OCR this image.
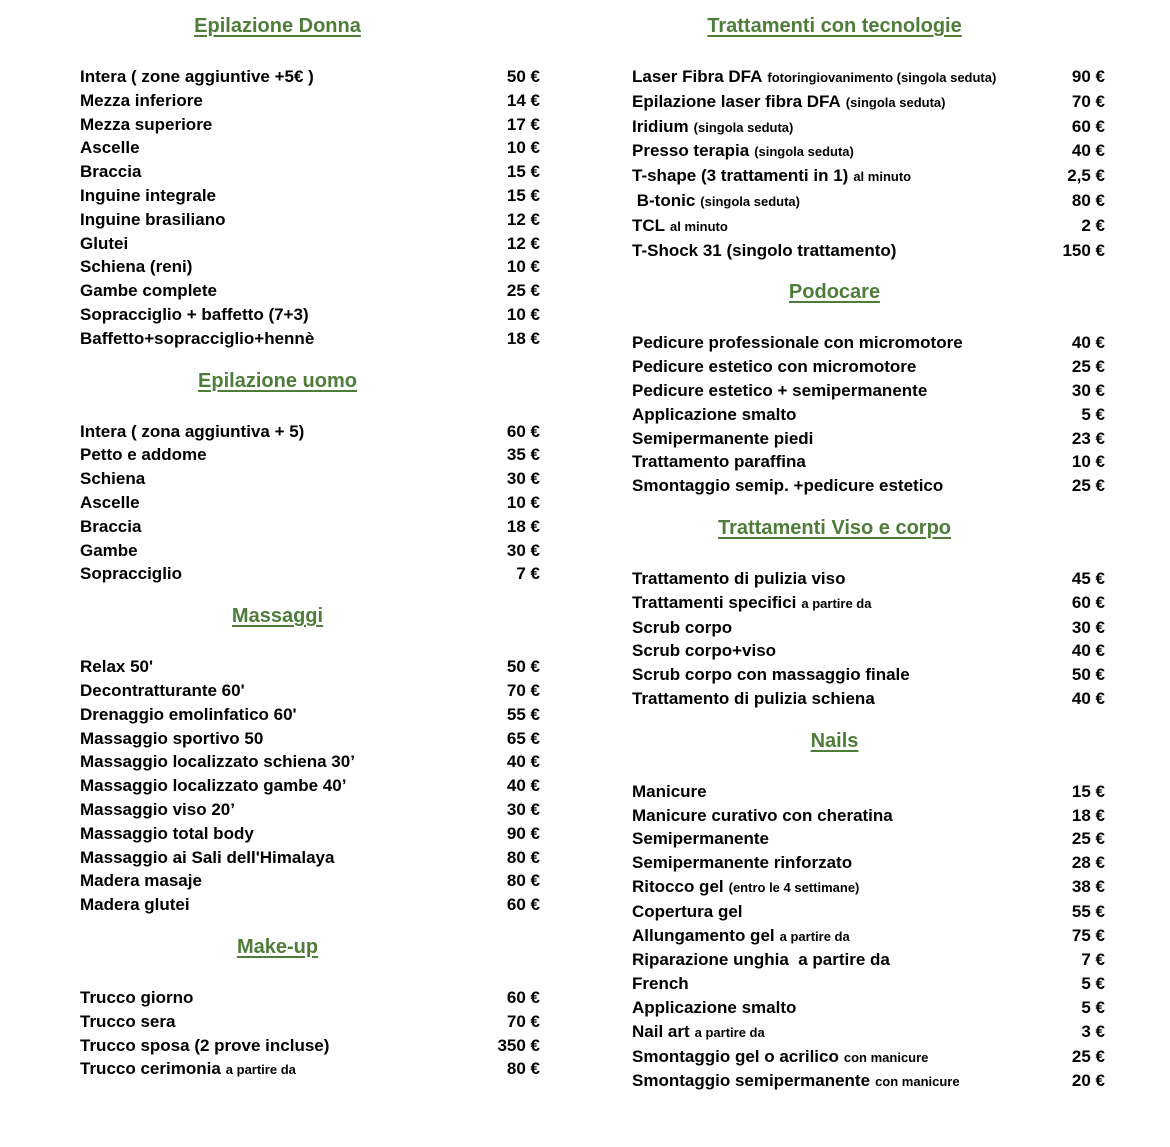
Epilazione Donna
Intera ( zone aggiuntive +5€ )	50 €
Mezza inferiore	14 €
Mezza superiore	17 €
Ascelle	10 €
Braccia	15 €
Inguine integrale	15 €
Inguine brasiliano	12 €
Glutei	12 €
Schiena (reni)	10 €
Gambe complete	25 €
Sopracciglio + baffetto (7+3)	10 €
Baffetto+sopracciglio+hennè	18 €
Epilazione uomo
Intera ( zona aggiuntiva + 5)	60 €
Petto e addome	35 €
Schiena	30 €
Ascelle	10 €
Braccia	18 €
Gambe	30 €
Sopracciglio	7 €
Massaggi
Relax 50'	50 €
Decontratturante 60'	70 €
Drenaggio emolinfatico 60'	55 €
Massaggio sportivo 50	65 €
Massaggio localizzato schiena 30’	40 €
Massaggio localizzato gambe 40’	40 €
Massaggio viso 20’	30 €
Massaggio total body	90 €
Massaggio ai Sali dell'Himalaya	80 €
Madera masaje	80 €
Madera glutei	60 €
Make-up
Trucco giorno	60 €
Trucco sera	70 €
Trucco sposa (2 prove incluse)	350 €
Trucco cerimonia a partire da	80 €
Trattamenti con tecnologie
Laser Fibra DFA fotoringiovanimento (singola seduta)	90 €
Epilazione laser fibra DFA (singola seduta)	70 €
Iridium (singola seduta)	60 €
Presso terapia (singola seduta)	40 €
T-shape (3 trattamenti in 1) al minuto	2,5 €
B-tonic (singola seduta)	80 €
TCL al minuto	2 €
T-Shock 31 (singolo trattamento)	150 €
Podocare
Pedicure professionale con micromotore	40 €
Pedicure estetico con micromotore	25 €
Pedicure estetico + semipermanente	30 €
Applicazione smalto	5 €
Semipermanente piedi	23 €
Trattamento paraffina	10 €
Smontaggio semip. +pedicure estetico	25 €
Trattamenti Viso e corpo
Trattamento di pulizia viso	45 €
Trattamenti specifici a partire da	60 €
Scrub corpo	30 €
Scrub corpo+viso	40 €
Scrub corpo con massaggio finale	50 €
Trattamento di pulizia schiena	40 €
Nails
Manicure	15 €
Manicure curativo con cheratina	18 €
Semipermanente	25 €
Semipermanente rinforzato	28 €
Ritocco gel (entro le 4 settimane)	38 €
Copertura gel	55 €
Allungamento gel a partire da	75 €
Riparazione unghia  a partire da	7 €
French	5 €
Applicazione smalto	5 €
Nail art a partire da	3 €
Smontaggio gel o acrilico con manicure	25 €
Smontaggio semipermanente con manicure	20 €
